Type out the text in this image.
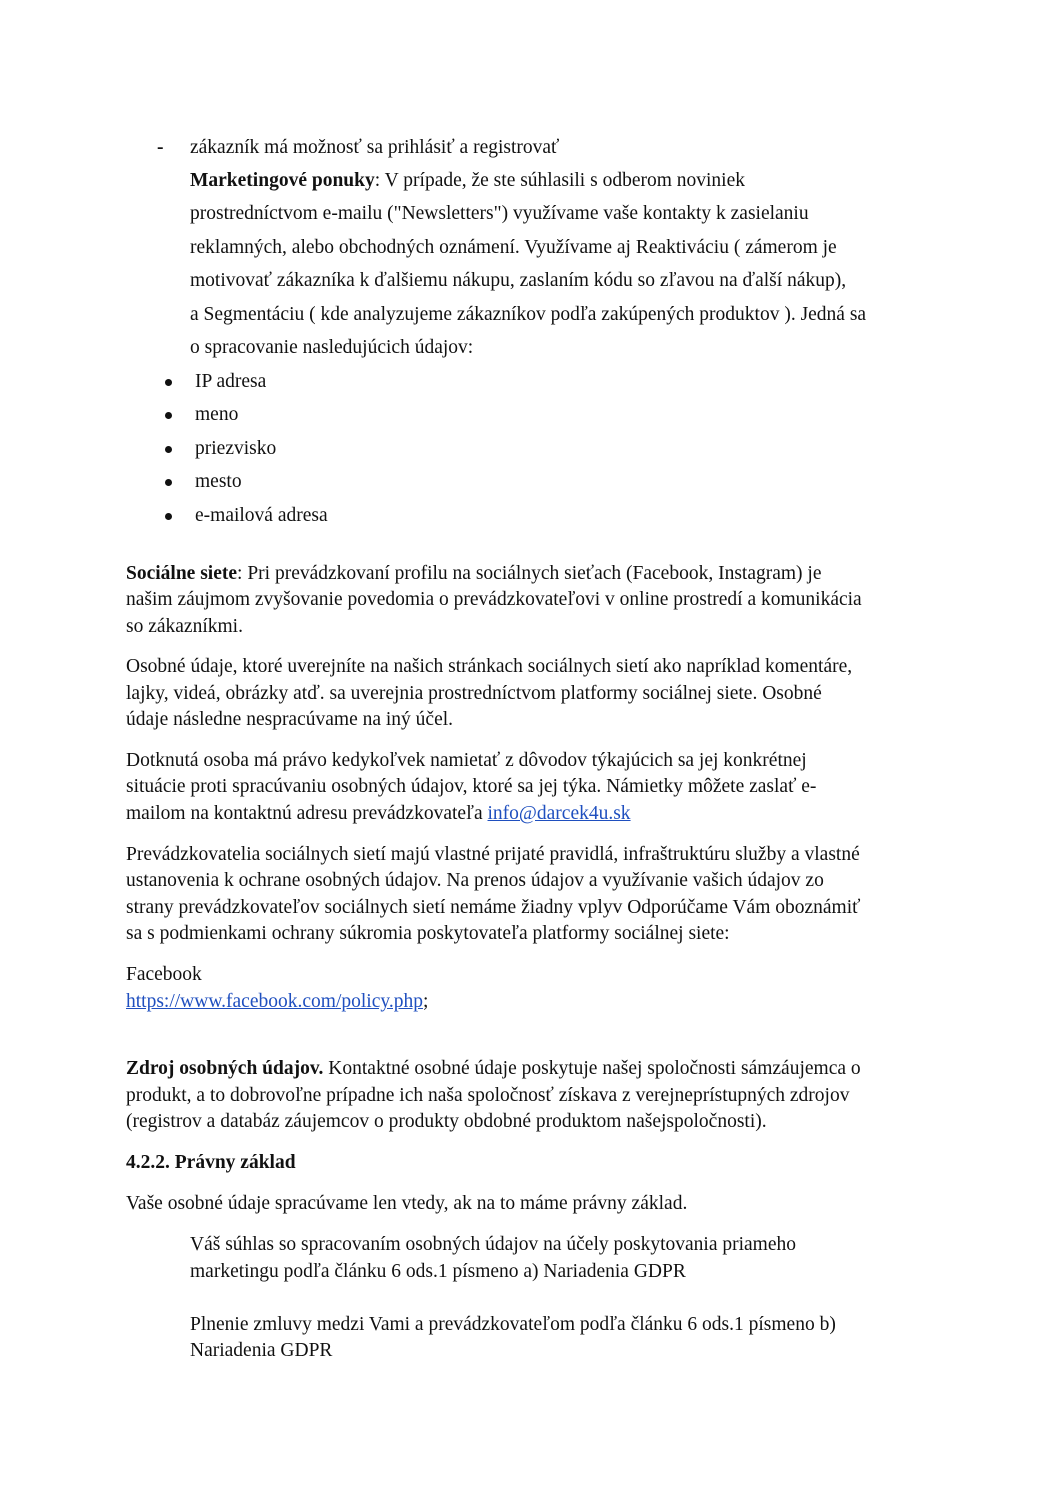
- zákazník má možnosť sa prihlásiť a registrovať
Marketingové ponuky: V prípade, že ste súhlasili s odberom noviniek
prostredníctvom e-mailu ("Newsletters") využívame vaše kontakty k zasielaniu
reklamných, alebo obchodných oznámení. Využívame aj Reaktiváciu ( zámerom je
motivovať zákazníka k ďalšiemu nákupu, zaslaním kódu so zľavou na ďalší nákup),
a Segmentáciu ( kde analyzujeme zákazníkov podľa zakúpených produktov ). Jedná sa
o spracovanie nasledujúcich údajov:
IP adresa
meno
priezvisko
mesto
e-mailová adresa
Sociálne siete: Pri prevádzkovaní profilu na sociálnych sieťach (Facebook, Instagram) je
našim záujmom zvyšovanie povedomia o prevádzkovateľovi v online prostredí a komunikácia
so zákazníkmi.
Osobné údaje, ktoré uverejníte na našich stránkach sociálnych sietí ako napríklad komentáre,
lajky, videá, obrázky atď. sa uverejnia prostredníctvom platformy sociálnej siete. Osobné
údaje následne nespracúvame na iný účel.
Dotknutá osoba má právo kedykoľvek namietať z dôvodov týkajúcich sa jej konkrétnej
situácie proti spracúvaniu osobných údajov, ktoré sa jej týka. Námietky môžete zaslať e-
mailom na kontaktnú adresu prevádzkovateľa info@darcek4u.sk
Prevádzkovatelia sociálnych sietí majú vlastné prijaté pravidlá, infraštruktúru služby a vlastné
ustanovenia k ochrane osobných údajov. Na prenos údajov a využívanie vašich údajov zo
strany prevádzkovateľov sociálnych sietí nemáme žiadny vplyv Odporúčame Vám oboznámiť
sa s podmienkami ochrany súkromia poskytovateľa platformy sociálnej siete:
Facebook
https://www.facebook.com/policy.php;
Zdroj osobných údajov. Kontaktné osobné údaje poskytuje našej spoločnosti sámzáujemca o
produkt, a to dobrovoľne prípadne ich naša spoločnosť získava z verejneprístupných zdrojov
(registrov a databáz záujemcov o produkty obdobné produktom našejspoločnosti).
4.2.2. Právny základ
Vaše osobné údaje spracúvame len vtedy, ak na to máme právny základ.
Váš súhlas so spracovaním osobných údajov na účely poskytovania priameho
marketingu podľa článku 6 ods.1 písmeno a) Nariadenia GDPR
Plnenie zmluvy medzi Vami a prevádzkovateľom podľa článku 6 ods.1 písmeno b)
Nariadenia GDPR
